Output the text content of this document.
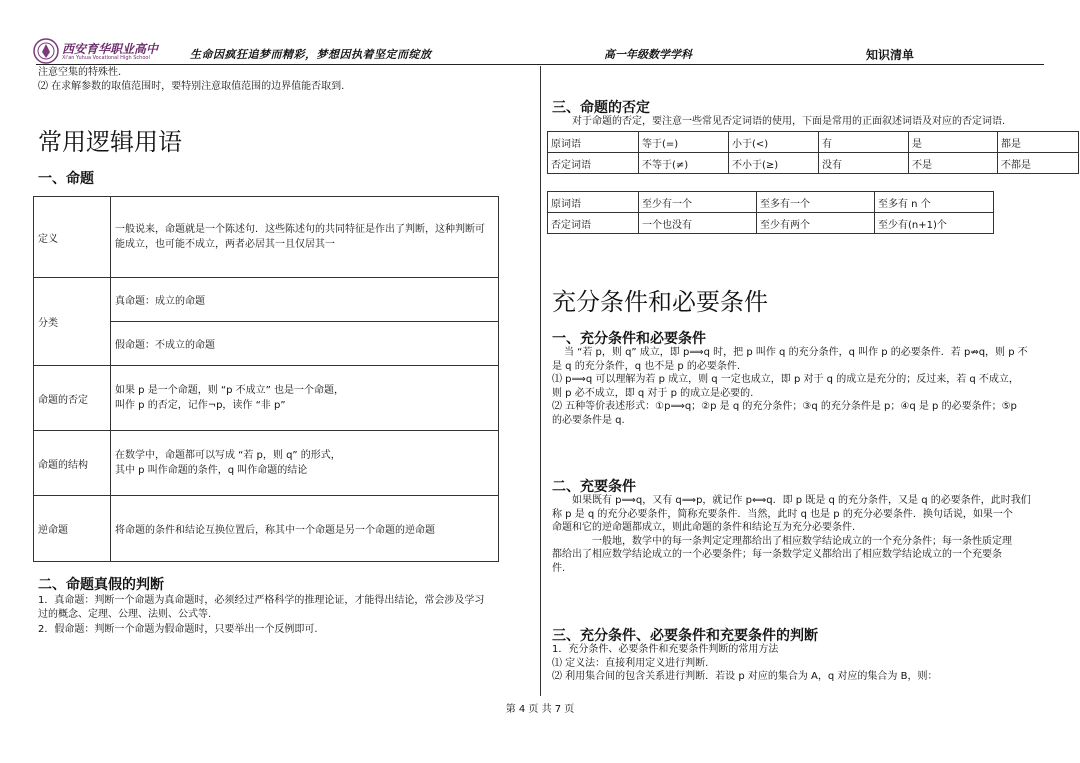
西安育华职业高中
Xi'an Yuhua Vocational High School	生命因疯狂追梦而精彩，梦想因执着坚定而绽放	高一年级数学学科	知识清单
注意空集的特殊性.
⑵ 在求解参数的取值范围时，要特别注意取值范围的边界值能否取到.
常用逻辑用语
一、命题
定义	一般说来，命题就是一个陈述句．这些陈述句的共同特征是作出了判断，这种判断可能成立，也可能不成立，两者必居其一且仅居其一
分类	真命题：成立的命题
	假命题：不成立的命题
命题的否定	如果 p 是一个命题，则 “p 不成立” 也是一个命题，
叫作 p 的否定，记作¬p，读作 “非 p”

命题的结构	在数学中，命题都可以写成 “若 p，则 q” 的形式，
其中 p 叫作命题的条件，q 叫作命题的结论

逆命题	将命题的条件和结论互换位置后，称其中一个命题是另一个命题的逆命题
二、命题真假的判断
1．真命题：判断一个命题为真命题时，必须经过严格科学的推理论证，才能得出结论，常会涉及学习
过的概念、定理、公理、法则、公式等.
2．假命题：判断一个命题为假命题时，只要举出一个反例即可.
三、命题的否定
对于命题的否定，要注意一些常见否定词语的使用，下面是常用的正面叙述词语及对应的否定词语.
原词语	等于(=)	小于(<)	有	是	都是
否定词语	不等于(≠)	不小于(≥)	没有	不是	不都是
原词语	至少有一个	至多有一个	至多有 n 个
否定词语	一个也没有	至少有两个	至少有(n+1)个
充分条件和必要条件
一、充分条件和必要条件
当 “若 p，则 q” 成立，即 p⟹q 时，把 p 叫作 q 的充分条件，q 叫作 p 的必要条件．若 p⇏q，则 p 不
是 q 的充分条件，q 也不是 p 的必要条件.
⑴ p⟹q 可以理解为若 p 成立，则 q 一定也成立，即 p 对于 q 的成立是充分的；反过来，若 q 不成立，
则 p 必不成立，即 q 对于 p 的成立是必要的.
⑵ 五种等价表述形式：①p⟹q；②p 是 q 的充分条件；③q 的充分条件是 p；④q 是 p 的必要条件；⑤p
的必要条件是 q.
二、充要条件
如果既有 p⟹q，又有 q⟹p，就记作 p⟺q．即 p 既是 q 的充分条件，又是 q 的必要条件，此时我们
称 p 是 q 的充分必要条件，简称充要条件．当然，此时 q 也是 p 的充分必要条件．换句话说，如果一个
命题和它的逆命题都成立，则此命题的条件和结论互为充分必要条件.
一般地，数学中的每一条判定定理都给出了相应数学结论成立的一个充分条件；每一条性质定理
都给出了相应数学结论成立的一个必要条件；每一条数学定义都给出了相应数学结论成立的一个充要条
件.
三、充分条件、必要条件和充要条件的判断
1．充分条件、必要条件和充要条件判断的常用方法
⑴ 定义法：直接利用定义进行判断.
⑵ 利用集合间的包含关系进行判断．若设 p 对应的集合为 A，q 对应的集合为 B，则：
第 4 页 共 7 页
